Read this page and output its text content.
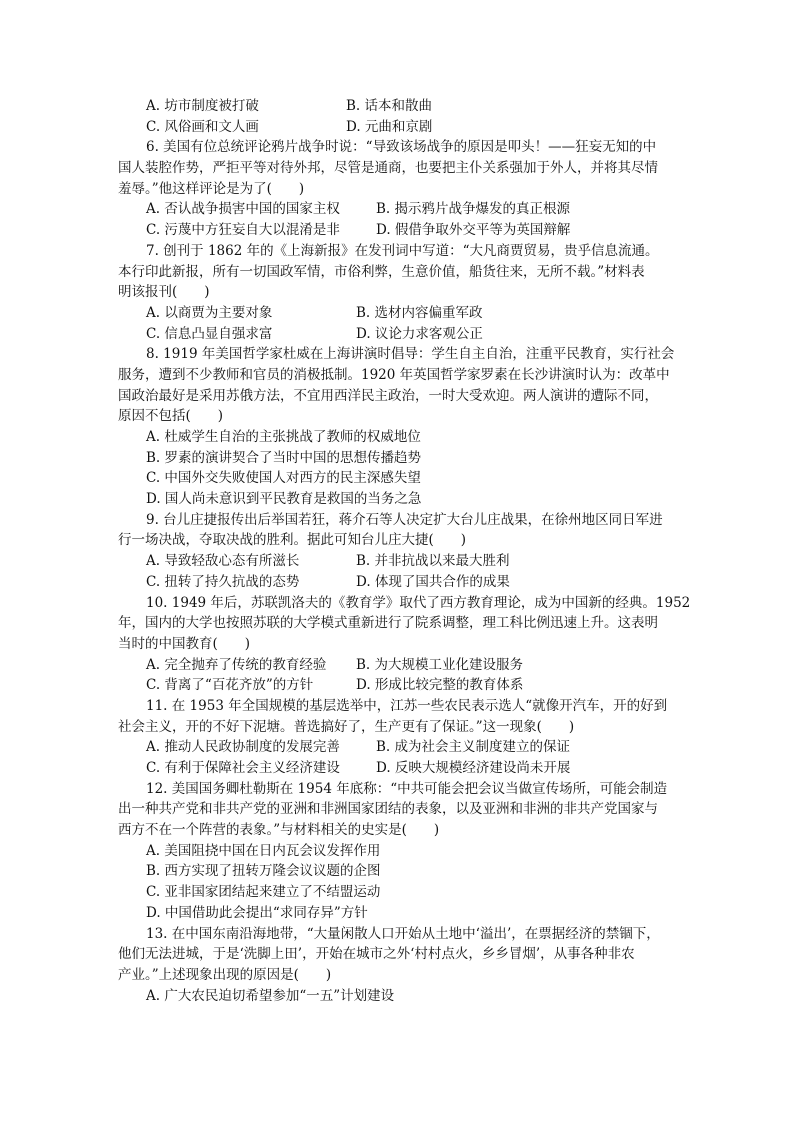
A. 坊市制度被打破	B. 话本和散曲
C. 风俗画和文人画	D. 元曲和京剧
6. 美国有位总统评论鸦片战争时说：“导致该场战争的原因是叩头！——狂妄无知的中
国人装腔作势，严拒平等对待外邦，尽管是通商，也要把主仆关系强加于外人，并将其尽情
羞辱。”他这样评论是为了(　　)
A. 否认战争损害中国的国家主权	B. 揭示鸦片战争爆发的真正根源
C. 污蔑中方狂妄自大以混淆是非	D. 假借争取外交平等为英国辩解
7. 创刊于 1862 年的《上海新报》在发刊词中写道：“大凡商贾贸易，贵乎信息流通。
本行印此新报，所有一切国政军情，市俗利弊，生意价值，船货往来，无所不载。”材料表
明该报刊(　　)
A. 以商贾为主要对象	B. 选材内容偏重军政
C. 信息凸显自强求富	D. 议论力求客观公正
8. 1919 年美国哲学家杜威在上海讲演时倡导：学生自主自治，注重平民教育，实行社会
服务，遭到不少教师和官员的消极抵制。1920 年英国哲学家罗素在长沙讲演时认为：改革中
国政治最好是采用苏俄方法，不宜用西洋民主政治，一时大受欢迎。两人演讲的遭际不同，
原因不包括(　　)
A. 杜威学生自治的主张挑战了教师的权威地位
B. 罗素的演讲契合了当时中国的思想传播趋势
C. 中国外交失败使国人对西方的民主深感失望
D. 国人尚未意识到平民教育是救国的当务之急
9. 台儿庄捷报传出后举国若狂，蒋介石等人决定扩大台儿庄战果，在徐州地区同日军进
行一场决战，夺取决战的胜利。据此可知台儿庄大捷(　　)
A. 导致轻敌心态有所滋长	B. 并非抗战以来最大胜利
C. 扭转了持久抗战的态势	D. 体现了国共合作的成果
10. 1949 年后，苏联凯洛夫的《教育学》取代了西方教育理论，成为中国新的经典。1952
年，国内的大学也按照苏联的大学模式重新进行了院系调整，理工科比例迅速上升。这表明
当时的中国教育(　　)
A. 完全抛弃了传统的教育经验 B. 为大规模工业化建设服务
C. 背离了“百花齐放”的方针	D. 形成比较完整的教育体系
11. 在 1953 年全国规模的基层选举中，江苏一些农民表示选人“就像开汽车，开的好到
社会主义，开的不好下泥塘。普选搞好了，生产更有了保证。”这一现象(　　)
A. 推动人民政协制度的发展完善	B. 成为社会主义制度建立的保证
C. 有利于保障社会主义经济建设	D. 反映大规模经济建设尚未开展
12. 美国国务卿杜勒斯在 1954 年底称：“中共可能会把会议当做宣传场所，可能会制造
出一种共产党和非共产党的亚洲和非洲国家团结的表象，以及亚洲和非洲的非共产党国家与
西方不在一个阵营的表象。”与材料相关的史实是(　　)
A. 美国阻挠中国在日内瓦会议发挥作用
B. 西方实现了扭转万隆会议议题的企图
C. 亚非国家团结起来建立了不结盟运动
D. 中国借助此会提出“求同存异”方针
13. 在中国东南沿海地带，“大量闲散人口开始从土地中‘溢出’，在票据经济的禁锢下，
他们无法进城，于是‘洗脚上田’，开始在城市之外‘村村点火，乡乡冒烟’，从事各种非农
产业。”上述现象出现的原因是(　　)
A. 广大农民迫切希望参加“一五”计划建设
